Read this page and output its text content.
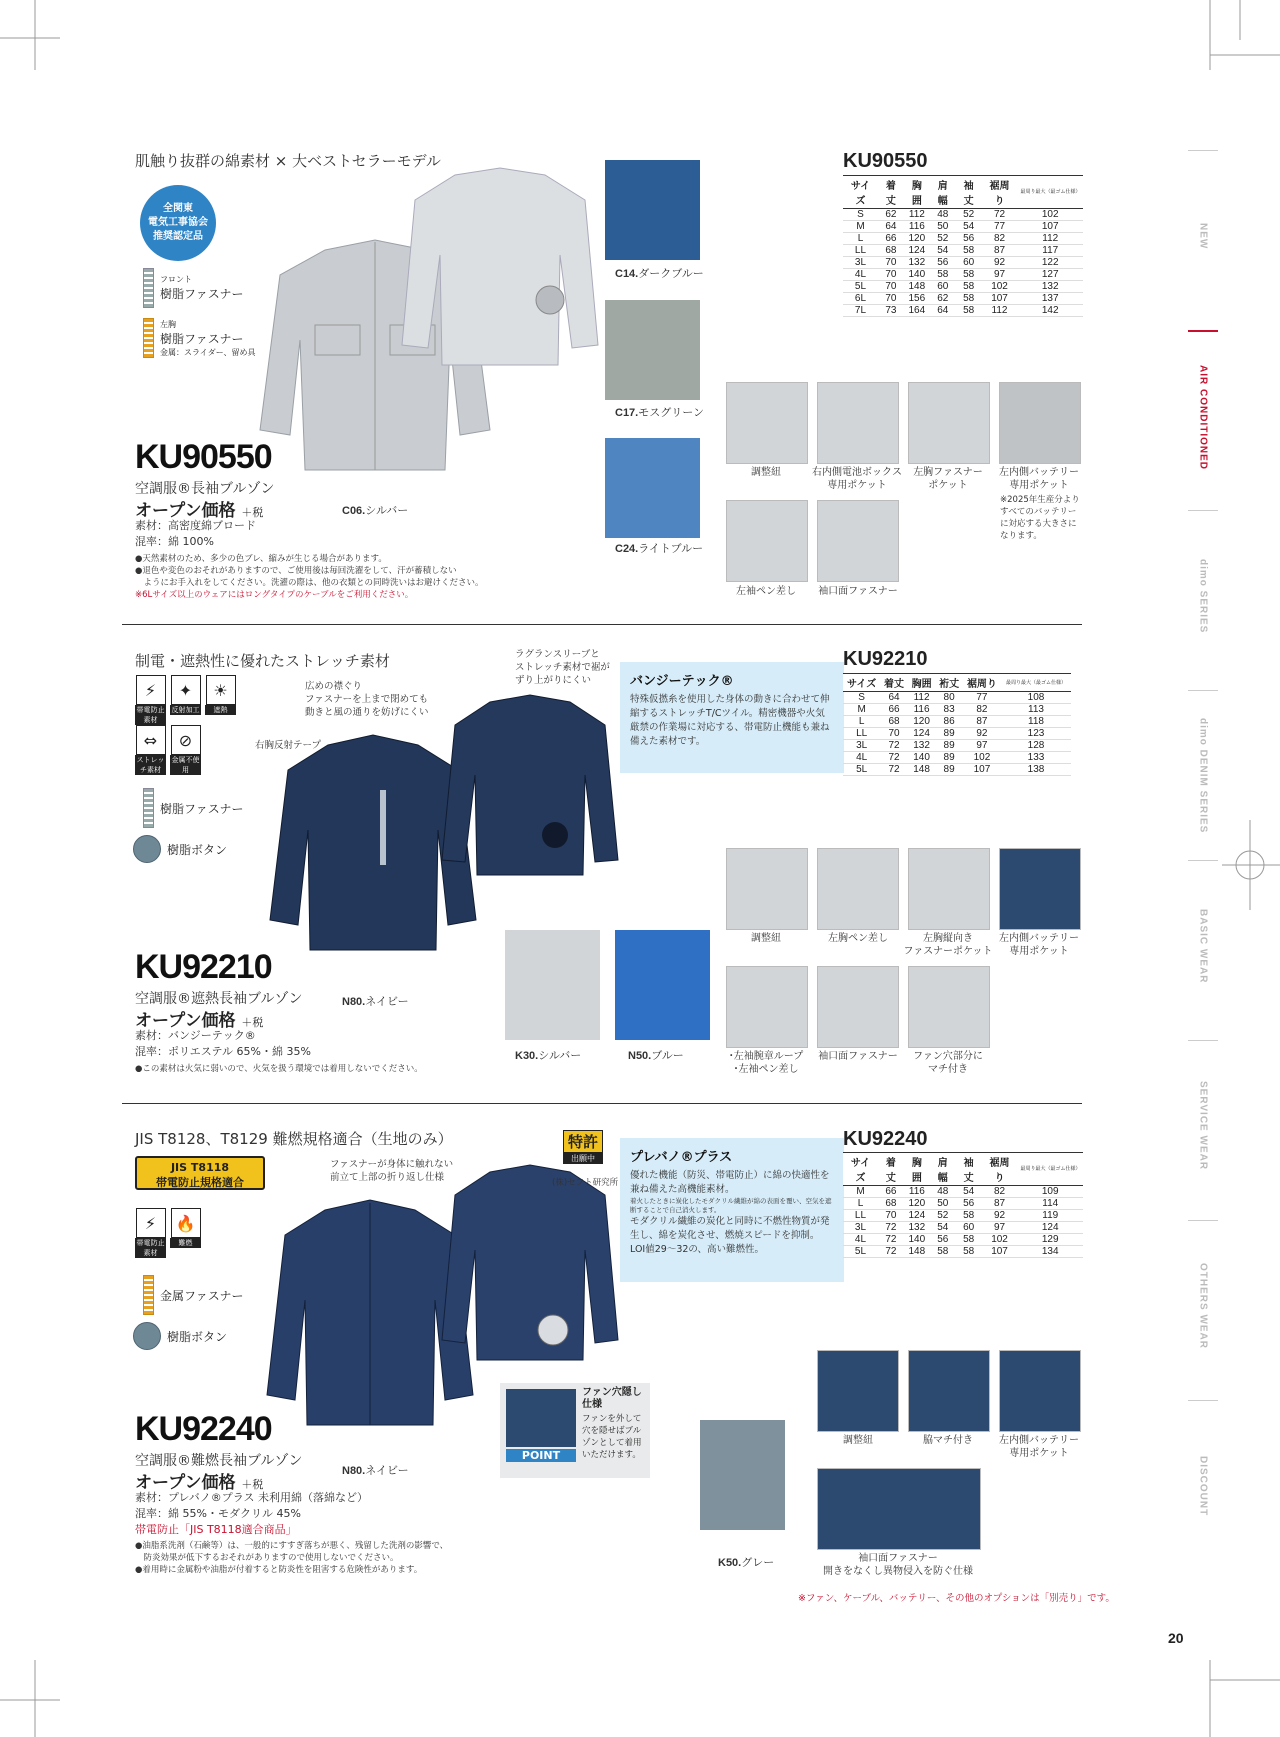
NEW
AIR CONDITIONED
dimo SERIES
dimo DENIM SERIES
BASIC WEAR
SERVICE WEAR
OTHERS WEAR
DISCOUNT
肌触り抜群の綿素材 × 大ベストセラーモデル
全関東
電気工事協会
推奨認定品
フロント
樹脂ファスナー
左胸
樹脂ファスナー
金属：スライダー、留め具
KU90550
空調服®長袖ブルゾン
オープン価格 ＋税
素材：高密度綿ブロード
混率：綿 100%
●天然素材のため、多少の色ブレ、縮みが生じる場合があります。
●退色や変色のおそれがありますので、ご使用後は毎回洗濯をして、汗が蓄積しない
　ようにお手入れをしてください。洗濯の際は、他の衣類との同時洗いはお避けください。
※6Lサイズ以上のウェアにはロングタイプのケーブルをご利用ください。
C06.シルバー
C14.ダークブルー
C17.モスグリーン
C24.ライトブルー
KU90550
サイズ	着丈	胸囲	肩幅	袖丈	裾周り	最周り最大（最ゴム仕様）
S	62	112	48	52	72	102
M	64	116	50	54	77	107
L	66	120	52	56	82	112
LL	68	124	54	58	87	117
3L	70	132	56	60	92	122
4L	70	140	58	58	97	127
5L	70	148	60	58	102	132
6L	70	156	62	58	107	137
7L	73	164	64	58	112	142
調整紐	右内側電池ボックス
専用ポケット
左胸ファスナー
ポケット
左内側バッテリー
専用ポケット
※2025年生産分より
すべてのバッテリー
に対応する大きさに
なります。
左袖ペン差し	袖口面ファスナー
制電・遮熱性に優れたストレッチ素材
⚡
帯電防止素材
✦
反射加工
☀
遮熱
⇔
ストレッチ素材
⊘
金属不使用
樹脂ファスナー
樹脂ボタン
広めの襟ぐり
ファスナーを上まで閉めても
動きと風の通りを妨げにくい
ラグランスリーブと
ストレッチ素材で裾が
ずり上がりにくい
右胸反射テープ
バンジーテック®
特殊仮撚糸を使用した身体の動きに合わせて伸縮するストレッチT/Cツイル。精密機器や火気厳禁の作業場に対応する、帯電防止機能も兼ね備えた素材です。
KU92210
空調服®遮熱長袖ブルゾン
オープン価格 ＋税
素材：バンジーテック®
混率：ポリエステル 65%・綿 35%
●この素材は火気に弱いので、火気を扱う環境では着用しないでください。
N80.ネイビー
K30.シルバー	N50.ブルー
KU92210
サイズ	着丈	胸囲	裄丈	裾周り	最周り最大（最ゴム仕様）
S	64	112	80	77	108
M	66	116	83	82	113
L	68	120	86	87	118
LL	70	124	89	92	123
3L	72	132	89	97	128
4L	72	140	89	102	133
5L	72	148	89	107	138
調整紐	左胸ペン差し	左胸縦向き
ファスナーポケット
左内側バッテリー
専用ポケット
･左袖腕章ループ
･左袖ペン差し
袖口面ファスナー	ファン穴部分に
マチ付き
JIS T8128、T8129 難燃規格適合（生地のみ）
JIS T8118
帯電防止規格適合
⚡
帯電防止素材
🔥
難燃
金属ファスナー
樹脂ボタン
ファスナーが身体に触れない
前立て上部の折り返し仕様
特許
出願中
(株)セフト研究所
プレバノ®プラス
優れた機能（防災、帯電防止）に綿の快適性を兼ね備えた高機能素材。
着火したときに炭化したモダクリル繊維が綿の表面を覆い、空気を遮断することで自己消火します。
モダクリル繊維の炭化と同時に不燃性物質が発生し、綿を炭化させ、燃焼スピードを抑制。
LOI値29～32の、高い難燃性。
POINT
ファン穴隠し
仕様
ファンを外して
穴を隠せばブル
ゾンとして着用
いただけます。
KU92240
空調服®難燃長袖ブルゾン
オープン価格 ＋税
素材：プレバノ®プラス 未利用綿（落綿など）
混率：綿 55%・モダクリル 45%
帯電防止「JIS T8118適合商品」
●油脂系洗剤（石鹸等）は、一般的にすすぎ落ちが悪く、残留した洗剤の影響で、
　防炎効果が低下するおそれがありますので使用しないでください。
●着用時に金属粉や油脂が付着すると防炎性を阻害する危険性があります。
N80.ネイビー
K50.グレー
KU92240
サイズ	着丈	胸囲	肩幅	袖丈	裾周り	最周り最大（最ゴム仕様）
M	66	116	48	54	82	109
L	68	120	50	56	87	114
LL	70	124	52	58	92	119
3L	72	132	54	60	97	124
4L	72	140	56	58	102	129
5L	72	148	58	58	107	134
調整紐	脇マチ付き	左内側バッテリー
専用ポケット
袖口面ファスナー
開きをなくし異物侵入を防ぐ仕様
※ファン、ケーブル、バッテリー、その他のオプションは「別売り」です。
20
